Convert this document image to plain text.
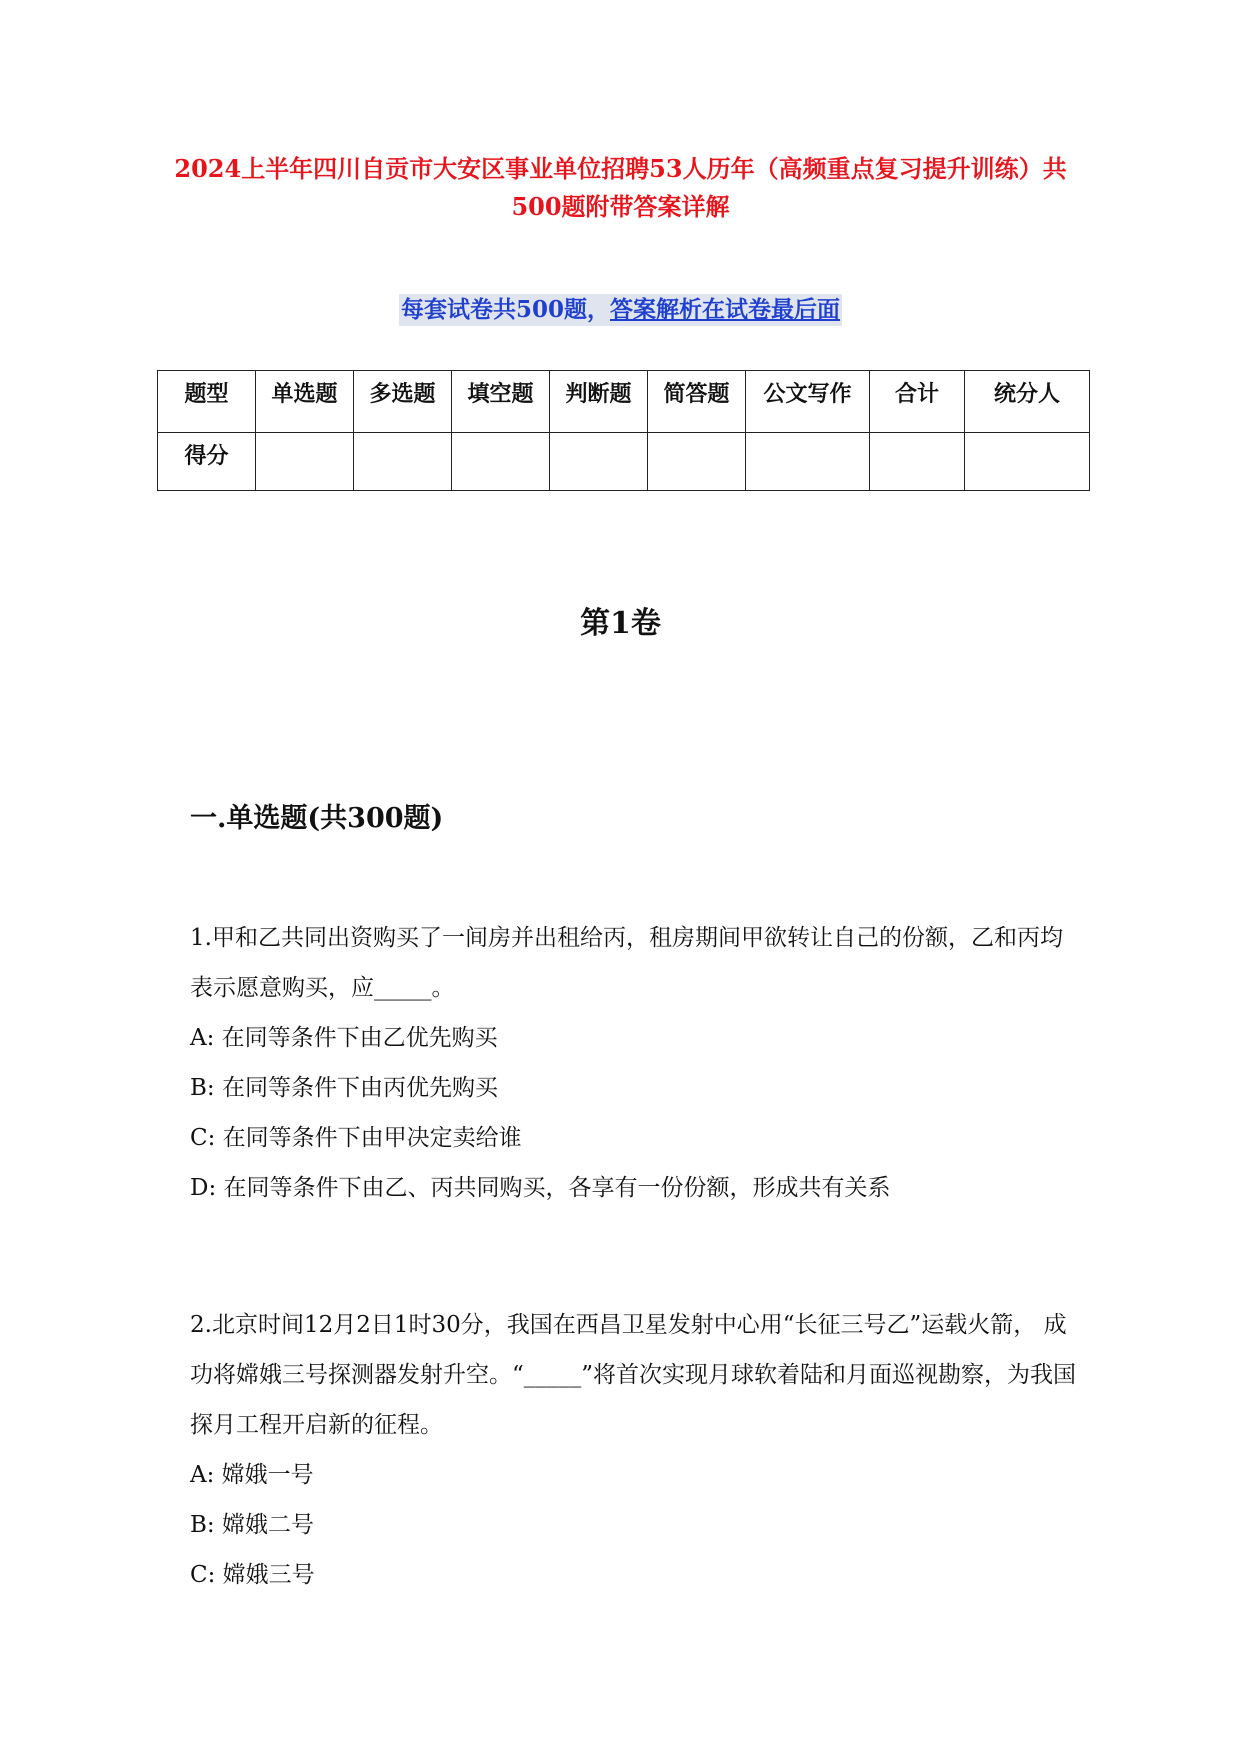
2024上半年四川自贡市大安区事业单位招聘53人历年（高频重点复习提升训练）共500题附带答案详解
每套试卷共500题，答案解析在试卷最后面
题型	单选题	多选题	填空题	判断题	简答题	公文写作	合计	统分人
得分								
第1卷
一.单选题(共300题)

1.甲和乙共同出资购买了一间房并出租给丙，租房期间甲欲转让自己的份额，乙和丙均表示愿意购买，应_____。

A: 在同等条件下由乙优先购买

B: 在同等条件下由丙优先购买

C: 在同等条件下由甲决定卖给谁

D: 在同等条件下由乙、丙共同购买，各享有一份份额，形成共有关系

2.北京时间12月2日1时30分，我国在西昌卫星发射中心用“长征三号乙”运载火箭， 成功将嫦娥三号探测器发射升空。“_____”将首次实现月球软着陆和月面巡视勘察，为我国探月工程开启新的征程。

A: 嫦娥一号

B: 嫦娥二号

C: 嫦娥三号
